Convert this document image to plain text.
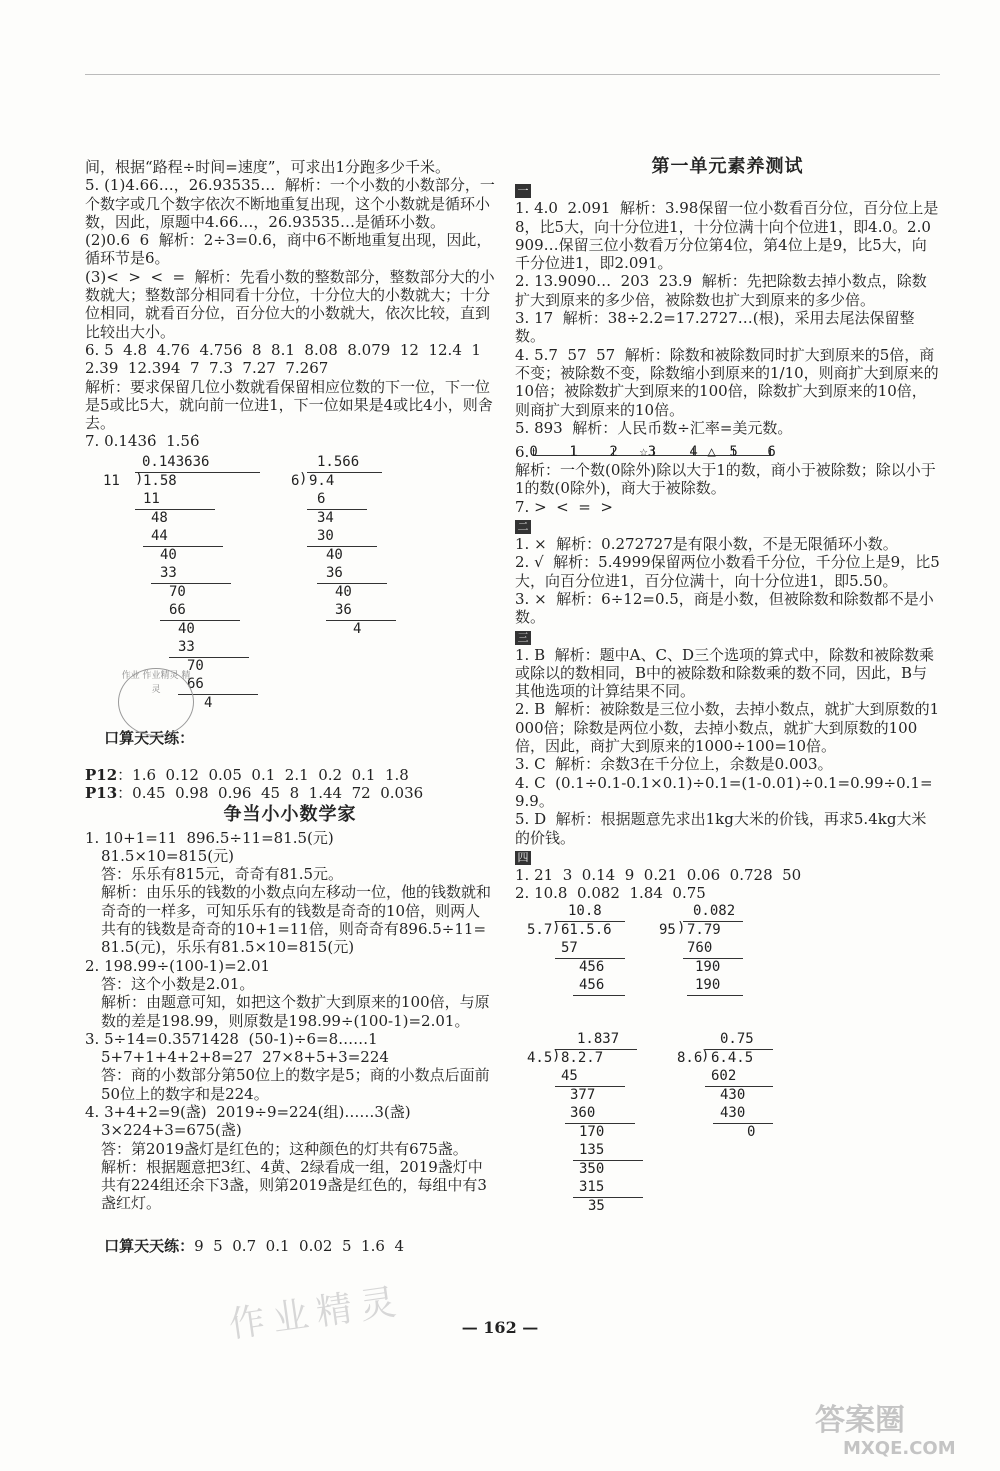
间，根据“路程÷时间=速度”，可求出1分跑多少千米。

5. (1)4.66…，26.93535…  解析：一个小数的小数部分，一个数字或几个数字依次不断地重复出现，这个小数就是循环小数，因此，原题中4.66…，26.93535…是循环小数。

(2)0.6  6  解析：2÷3=0.6，商中6不断地重复出现，因此，循环节是6。

(3)<  >  <  =  解析：先看小数的整数部分，整数部分大的小数就大；整数部分相同看十分位，十分位大的小数就大；十分位相同，就看百分位，百分位大的小数就大，依次比较，直到比较出大小。

6. 5  4.8  4.76  4.756  8  8.1  8.08  8.079  12  12.4  12.39  12.394  7  7.3  7.27  7.267

解析：要求保留几位小数就看保留相应位数的下一位，下一位是5或比5大，就向前一位进1，下一位如果是4或比4小，则舍去。

7. 0.14̇36̇  1.56̇

0.143636
11 ) 1.58
11
48
44
40
33
70
66
40
33
70
66
4
1.566
6 ) 9.4
6
34
30
40
36
40
36
4

口算天天练：

P12：1.6  0.12  0.05  0.1  2.1  0.2  0.1  1.8

P13：0.45  0.98  0.96  45  8  1.44  72  0.036

争当小小数学家

1. 10+1=11  896.5÷11=81.5(元)

81.5×10=815(元)

答：乐乐有815元，奇奇有81.5元。

解析：由乐乐的钱数的小数点向左移动一位，他的钱数就和奇奇的一样多，可知乐乐有的钱数是奇奇的10倍，则两人共有的钱数是奇奇的10+1=11倍，则奇奇有896.5÷11=81.5(元)，乐乐有81.5×10=815(元)

2. 198.99÷(100-1)=2.01

答：这个小数是2.01。

解析：由题意可知，如把这个数扩大到原来的100倍，与原数的差是198.99，则原数是198.99÷(100-1)=2.01。

3. 5÷14=0.3571428  (50-1)÷6=8……1

5+7+1+4+2+8=27  27×8+5+3=224

答：商的小数部分第50位上的数字是5；商的小数点后面前50位上的数字和是224。

4. 3+4+2=9(盏)  2019÷9=224(组)……3(盏)

3×224+3=675(盏)

答：第2019盏灯是红色的；这种颜色的灯共有675盏。

解析：根据题意把3红、4黄、2绿看成一组，2019盏灯中共有224组还余下3盏，则第2019盏是红色的，每组中有3盏红灯。

口算天天练：9  5  0.7  0.1  0.02  5  1.6  4

作业 作业精灵 精灵
第一单元素养测试
一

1. 4.0  2.091  解析：3.98保留一位小数看百分位，百分位上是8，比5大，向十分位进1，十分位满十向个位进1，即4.0。2.0909…保留三位小数看万分位第4位，第4位上是9，比5大，向千分位进1，即2.091。

2. 13.9090…  203  23.9  解析：先把除数去掉小数点，除数扩大到原来的多少倍，被除数也扩大到原来的多少倍。

3. 17  解析：38÷2.2=17.2727…(根)，采用去尾法保留整数。

4. 5.7  57  57  解析：除数和被除数同时扩大到原来的5倍，商不变；被除数不变，除数缩小到原来的1/10，则商扩大到原来的10倍；被除数扩大到原来的100倍，除数扩大到原来的10倍，则商扩大到原来的10倍。

5. 893  解析：人民币数÷汇率=美元数。

6. 0 1 2 ☆3 4 △ 5 6

解析：一个数(0除外)除以大于1的数，商小于被除数；除以小于1的数(0除外)，商大于被除数。

7. >  <  =  >

二

1. ×  解析：0.272727是有限小数，不是无限循环小数。

2. √  解析：5.4999保留两位小数看千分位，千分位上是9，比5大，向百分位进1，百分位满十，向十分位进1，即5.50。

3. ×  解析：6÷12=0.5，商是小数，但被除数和除数都不是小数。

三

1. B  解析：题中A、C、D三个选项的算式中，除数和被除数乘或除以的数相同，B中的被除数和除数乘的数不同，因此，B与其他选项的计算结果不同。

2. B  解析：被除数是三位小数，去掉小数点，就扩大到原数的1000倍；除数是两位小数，去掉小数点，就扩大到原数的100倍，因此，商扩大到原来的1000÷100=10倍。

3. C  解析：余数3在千分位上，余数是0.003。

4. C  (0.1÷0.1-0.1×0.1)÷0.1=(1-0.01)÷0.1=0.99÷0.1=9.9。

5. D  解析：根据题意先求出1kg大米的价钱，再求5.4kg大米的价钱。

四

1. 21  3  0.14  9  0.21  0.06  0.728  50

2. 10.8  0.082  1.84  0.75

10.8
5.7 ) 61.5.6
57
456
456
0.082
95 ) 7.79
760
190
190
1.837
4.5 ) 8.2.7
45
377
360
170
135
350
315
35
0.75
8.6
) 6.4.5
602
430
430
0
— 162 —
作业精灵
答案圈
MXQE.COM
